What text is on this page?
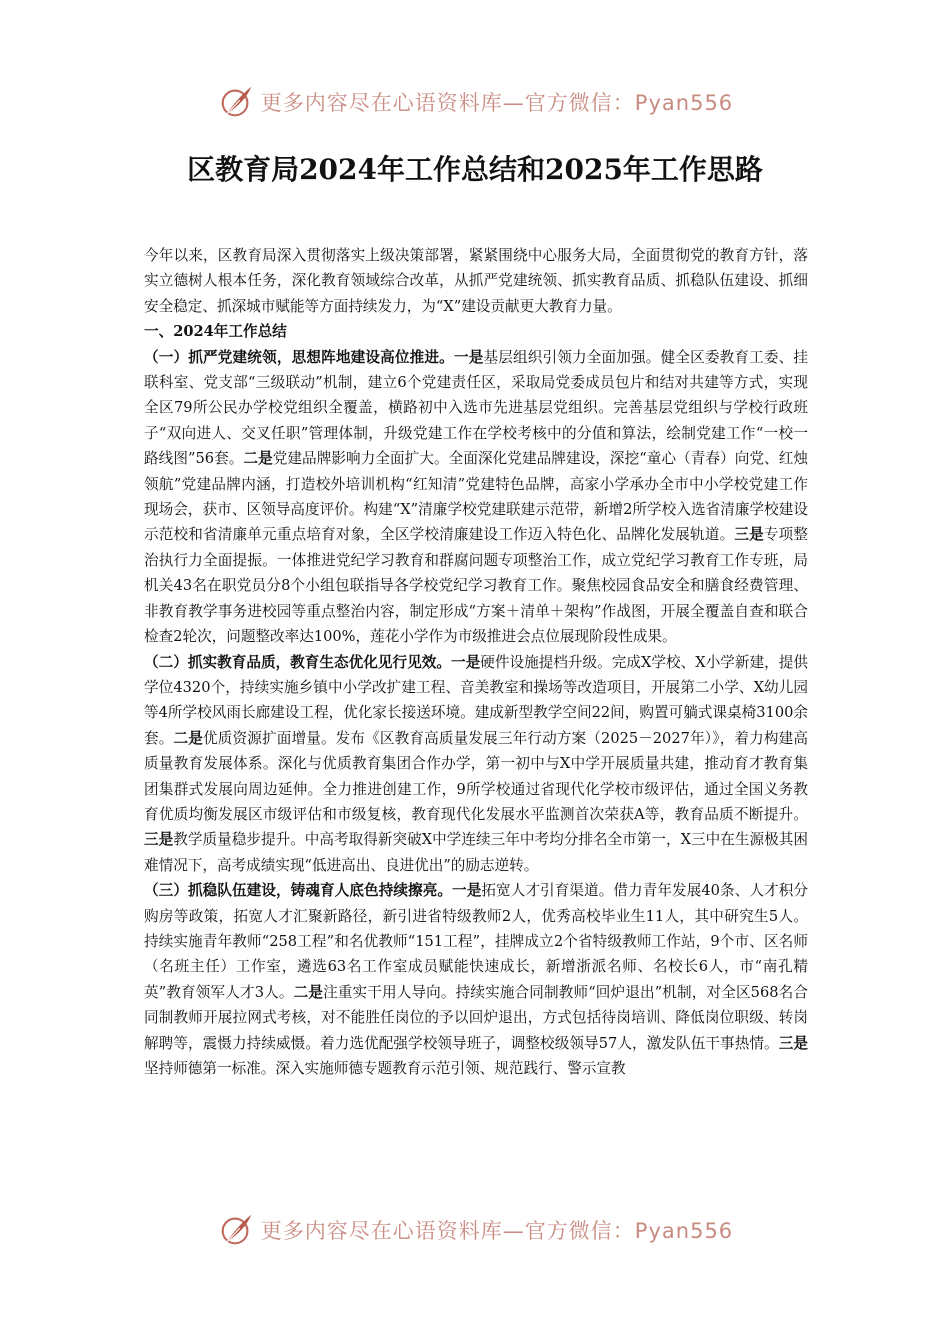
更多内容尽在心语资料库—官方微信：Pyan556
区教育局2024年工作总结和2025年工作思路

今年以来，区教育局深入贯彻落实上级决策部署，紧紧围绕中心服务大局，全面贯彻党的教育方针，落实立德树人根本任务，深化教育领域综合改革，从抓严党建统领、抓实教育品质、抓稳队伍建设、抓细安全稳定、抓深城市赋能等方面持续发力，为“X”建设贡献更大教育力量。

一、2024年工作总结

（一）抓严党建统领，思想阵地建设高位推进。一是基层组织引领力全面加强。健全区委教育工委、挂联科室、党支部“三级联动”机制，建立6个党建责任区，采取局党委成员包片和结对共建等方式，实现全区79所公民办学校党组织全覆盖，横路初中入选市先进基层党组织。完善基层党组织与学校行政班子“双向进人、交叉任职”管理体制，升级党建工作在学校考核中的分值和算法，绘制党建工作“一校一路线图”56套。二是党建品牌影响力全面扩大。全面深化党建品牌建设，深挖“童心（青春）向党、红烛领航”党建品牌内涵，打造校外培训机构“红知清”党建特色品牌，高家小学承办全市中小学校党建工作现场会，获市、区领导高度评价。构建“X”清廉学校党建联建示范带，新增2所学校入选省清廉学校建设示范校和省清廉单元重点培育对象，全区学校清廉建设工作迈入特色化、品牌化发展轨道。三是专项整治执行力全面提振。一体推进党纪学习教育和群腐问题专项整治工作，成立党纪学习教育工作专班，局机关43名在职党员分8个小组包联指导各学校党纪学习教育工作。聚焦校园食品安全和膳食经费管理、非教育教学事务进校园等重点整治内容，制定形成“方案＋清单＋架构”作战图，开展全覆盖自查和联合检查2轮次，问题整改率达100%，莲花小学作为市级推进会点位展现阶段性成果。

（二）抓实教育品质，教育生态优化见行见效。一是硬件设施提档升级。完成X学校、X小学新建，提供学位4320个，持续实施乡镇中小学改扩建工程、音美教室和操场等改造项目，开展第二小学、X幼儿园等4所学校风雨长廊建设工程，优化家长接送环境。建成新型教学空间22间，购置可躺式课桌椅3100余套。二是优质资源扩面增量。发布《区教育高质量发展三年行动方案（2025－2027年）》，着力构建高质量教育发展体系。深化与优质教育集团合作办学，第一初中与X中学开展质量共建，推动育才教育集团集群式发展向周边延伸。全力推进创建工作，9所学校通过省现代化学校市级评估，通过全国义务教育优质均衡发展区市级评估和市级复核，教育现代化发展水平监测首次荣获A等，教育品质不断提升。三是教学质量稳步提升。中高考取得新突破X中学连续三年中考均分排名全市第一，X三中在生源极其困难情况下，高考成绩实现“低进高出、良进优出”的励志逆转。

（三）抓稳队伍建设，铸魂育人底色持续擦亮。一是拓宽人才引育渠道。借力青年发展40条、人才积分购房等政策，拓宽人才汇聚新路径，新引进省特级教师2人，优秀高校毕业生11人，其中研究生5人。持续实施青年教师“258工程”和名优教师“151工程”，挂牌成立2个省特级教师工作站，9个市、区名师（名班主任）工作室，遴选63名工作室成员赋能快速成长，新增浙派名师、名校长6人，市“南孔精英”教育领军人才3人。二是注重实干用人导向。持续实施合同制教师“回炉退出”机制，对全区568名合同制教师开展拉网式考核，对不能胜任岗位的予以回炉退出，方式包括待岗培训、降低岗位职级、转岗解聘等，震慑力持续威慑。着力选优配强学校领导班子，调整校级领导57人，激发队伍干事热情。三是坚持师德第一标准。深入实施师德专题教育示范引领、规范践行、警示宣教

更多内容尽在心语资料库—官方微信：Pyan556
